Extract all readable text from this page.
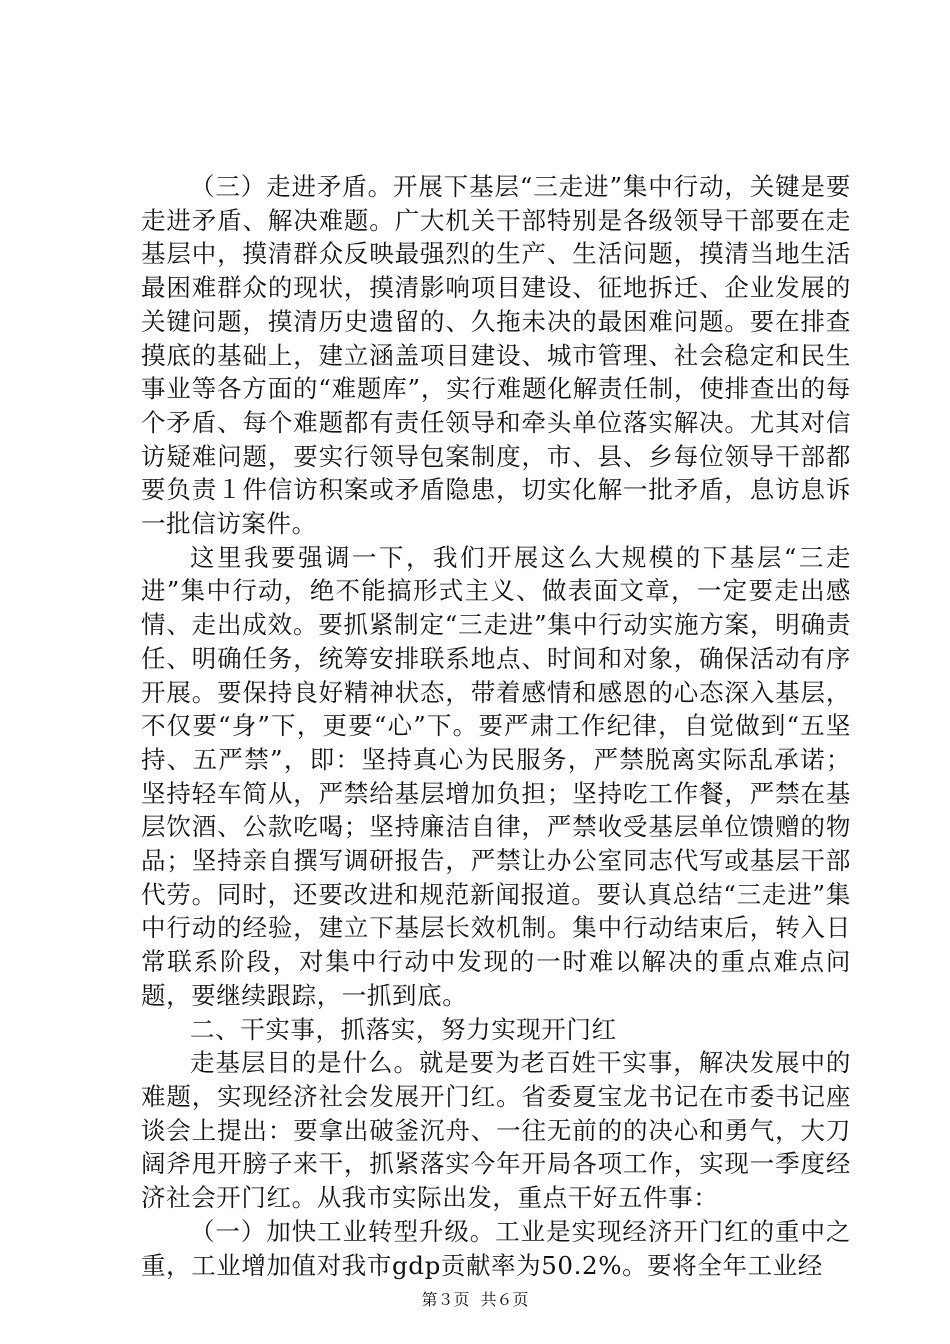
（三）走进矛盾。开展下基层“三走进”集中行动，关键是要走进矛盾、解决难题。广大机关干部特别是各级领导干部要在走基层中，摸清群众反映最强烈的生产、生活问题，摸清当地生活最困难群众的现状，摸清影响项目建设、征地拆迁、企业发展的关键问题，摸清历史遗留的、久拖未决的最困难问题。要在排查摸底的基础上，建立涵盖项目建设、城市管理、社会稳定和民生事业等各方面的“难题库”，实行难题化解责任制，使排查出的每个矛盾、每个难题都有责任领导和牵头单位落实解决。尤其对信访疑难问题，要实行领导包案制度，市、县、乡每位领导干部都要负责１件信访积案或矛盾隐患，切实化解一批矛盾，息访息诉一批信访案件。

这里我要强调一下，我们开展这么大规模的下基层“三走进”集中行动，绝不能搞形式主义、做表面文章，一定要走出感情、走出成效。要抓紧制定“三走进”集中行动实施方案，明确责任、明确任务，统筹安排联系地点、时间和对象，确保活动有序开展。要保持良好精神状态，带着感情和感恩的心态深入基层，不仅要“身”下，更要“心”下。要严肃工作纪律，自觉做到“五坚持、五严禁”，即：坚持真心为民服务，严禁脱离实际乱承诺；坚持轻车简从，严禁给基层增加负担；坚持吃工作餐，严禁在基层饮酒、公款吃喝；坚持廉洁自律，严禁收受基层单位馈赠的物品；坚持亲自撰写调研报告，严禁让办公室同志代写或基层干部代劳。同时，还要改进和规范新闻报道。要认真总结“三走进”集中行动的经验，建立下基层长效机制。集中行动结束后，转入日常联系阶段，对集中行动中发现的一时难以解决的重点难点问题，要继续跟踪，一抓到底。

二、干实事，抓落实，努力实现开门红

走基层目的是什么。就是要为老百姓干实事，解决发展中的难题，实现经济社会发展开门红。省委夏宝龙书记在市委书记座谈会上提出：要拿出破釜沉舟、一往无前的的决心和勇气，大刀阔斧甩开膀子来干，抓紧落实今年开局各项工作，实现一季度经济社会开门红。从我市实际出发，重点干好五件事：

（一）加快工业转型升级。工业是实现经济开门红的重中之重，工业增加值对我市gdp贡献率为50.2%。要将全年工业经

第３页 共６页
